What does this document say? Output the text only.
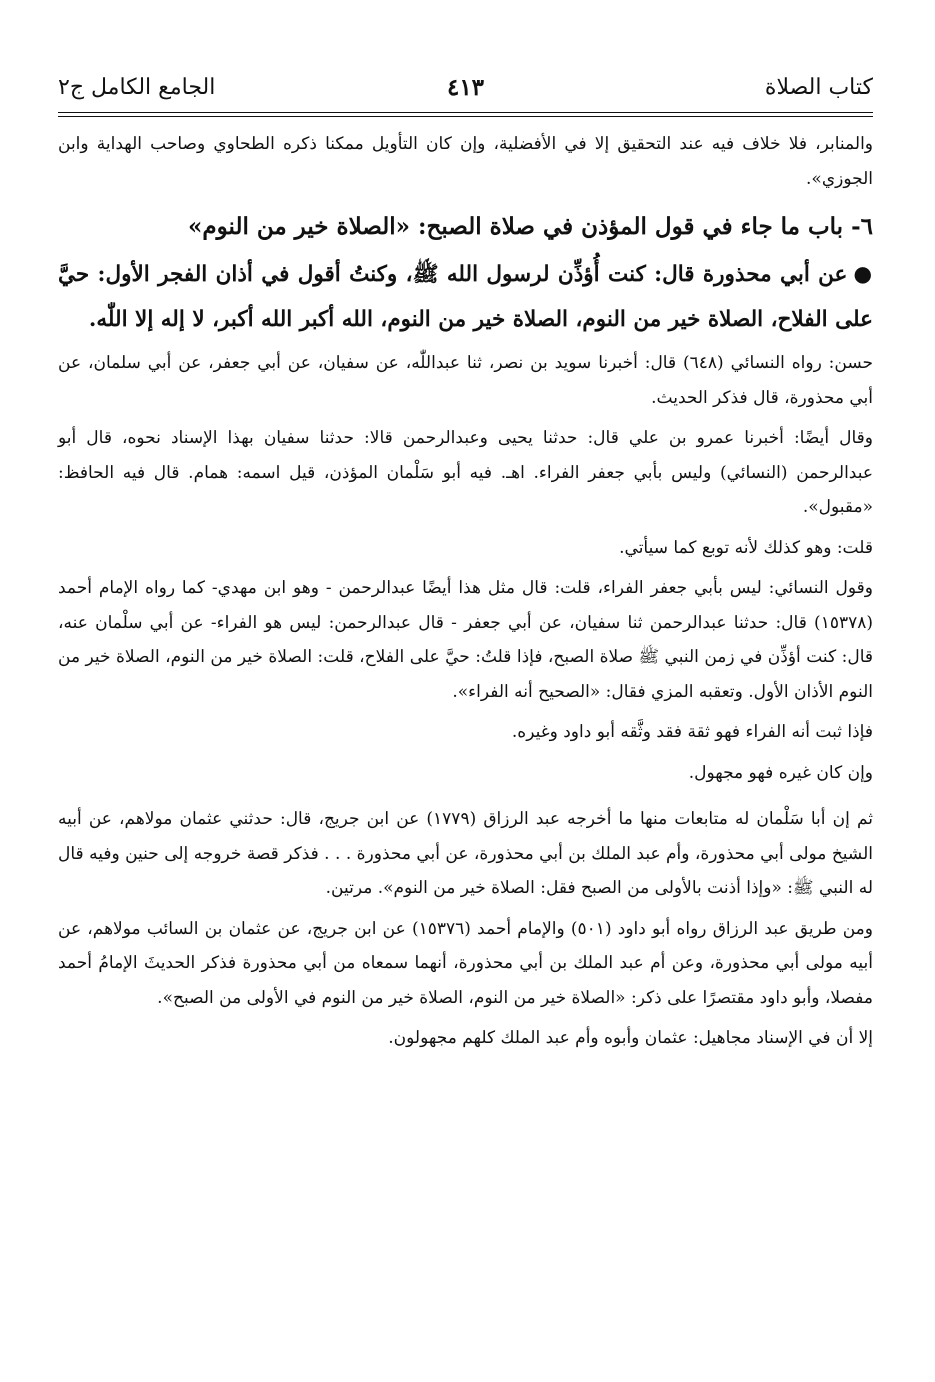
كتاب الصلاة
٤١٣
الجامع الكامل ج٢

والمنابر، فلا خلاف فيه عند التحقيق إلا في الأفضلية، وإن كان التأويل ممكنا ذكره الطحاوي وصاحب الهداية وابن الجوزي».

٦- باب ما جاء في قول المؤذن في صلاة الصبح: «الصلاة خير من النوم»

●عن أبي محذورة قال: كنت أُؤذِّن لرسول الله ﷺ، وكنتُ أقول في أذان الفجر الأول: حيَّ على الفلاح، الصلاة خير من النوم، الصلاة خير من النوم، الله أكبر الله أكبر، لا إله إلا اللّٰه.

حسن: رواه النسائي (٦٤٨) قال: أخبرنا سويد بن نصر، ثنا عبداللّٰه، عن سفيان، عن أبي جعفر، عن أبي سلمان، عن أبي محذورة، قال فذكر الحديث.

وقال أيضًا: أخبرنا عمرو بن علي قال: حدثنا يحيى وعبدالرحمن قالا: حدثنا سفيان بهذا الإسناد نحوه، قال أبو عبدالرحمن (النسائي) وليس بأبي جعفر الفراء. اهـ. فيه أبو سَلْمان المؤذن، قيل اسمه: همام. قال فيه الحافظ: «مقبول».

قلت: وهو كذلك لأنه توبع كما سيأتي.

وقول النسائي: ليس بأبي جعفر الفراء، قلت: قال مثل هذا أيضًا عبدالرحمن - وهو ابن مهدي- كما رواه الإمام أحمد (١٥٣٧٨) قال: حدثنا عبدالرحمن ثنا سفيان، عن أبي جعفر - قال عبدالرحمن: ليس هو الفراء- عن أبي سلْمان عنه، قال: كنت أؤذِّن في زمن النبي ﷺ صلاة الصبح، فإذا قلتُ: حيَّ على الفلاح، قلت: الصلاة خير من النوم، الصلاة خير من النوم الأذان الأول. وتعقبه المزي فقال: «الصحيح أنه الفراء».

فإذا ثبت أنه الفراء فهو ثقة فقد وثَّقه أبو داود وغيره.

وإن كان غيره فهو مجهول.

ثم إن أبا سَلْمان له متابعات منها ما أخرجه عبد الرزاق (١٧٧٩) عن ابن جريج، قال: حدثني عثمان مولاهم، عن أبيه الشيخ مولى أبي محذورة، وأم عبد الملك بن أبي محذورة، عن أبي محذورة . . . فذكر قصة خروجه إلى حنين وفيه قال له النبي ﷺ: «وإذا أذنت بالأولى من الصبح فقل: الصلاة خير من النوم». مرتين.

ومن طريق عبد الرزاق رواه أبو داود (٥٠١) والإمام أحمد (١٥٣٧٦) عن ابن جريج، عن عثمان بن السائب مولاهم، عن أبيه مولى أبي محذورة، وعن أم عبد الملك بن أبي محذورة، أنهما سمعاه من أبي محذورة فذكر الحديثَ الإمامُ أحمد مفصلا، وأبو داود مقتصرًا على ذكر: «الصلاة خير من النوم، الصلاة خير من النوم في الأولى من الصبح».

إلا أن في الإسناد مجاهيل: عثمان وأبوه وأم عبد الملك كلهم مجهولون.
